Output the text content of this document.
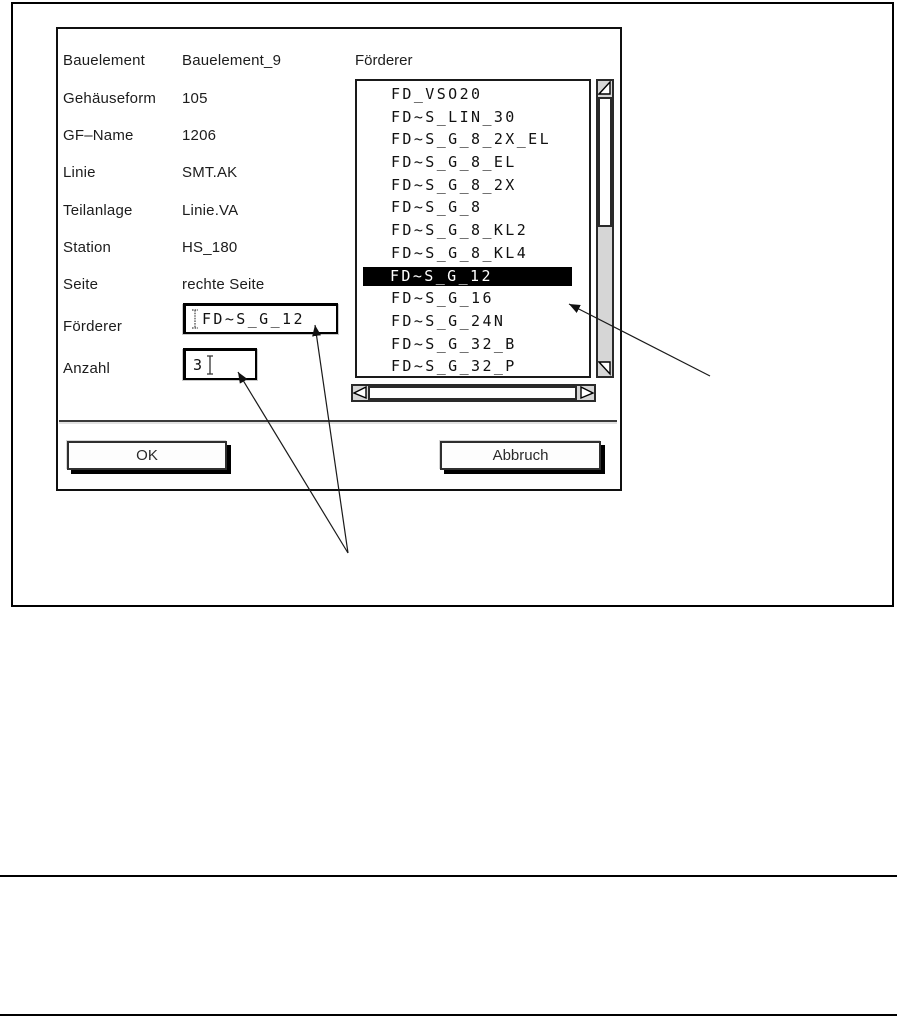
Bauelement Bauelement_9
Gehäuseform 105
GF–Name	1206
Linie	SMT.AK
Teilanlage	Linie.VA
Station	HS_180
Seite	rechte Seite
Förderer	FD~S_G_12
Anzahl	3
Förderer
FD_VSO20
FD~S_LIN_30
FD~S_G_8_2X_EL
FD~S_G_8_EL
FD~S_G_8_2X
FD~S_G_8
FD~S_G_8_KL2
FD~S_G_8_KL4
FD~S_G_12
FD~S_G_16
FD~S_G_24N
FD~S_G_32_B
FD~S_G_32_P
OK	Abbruch
